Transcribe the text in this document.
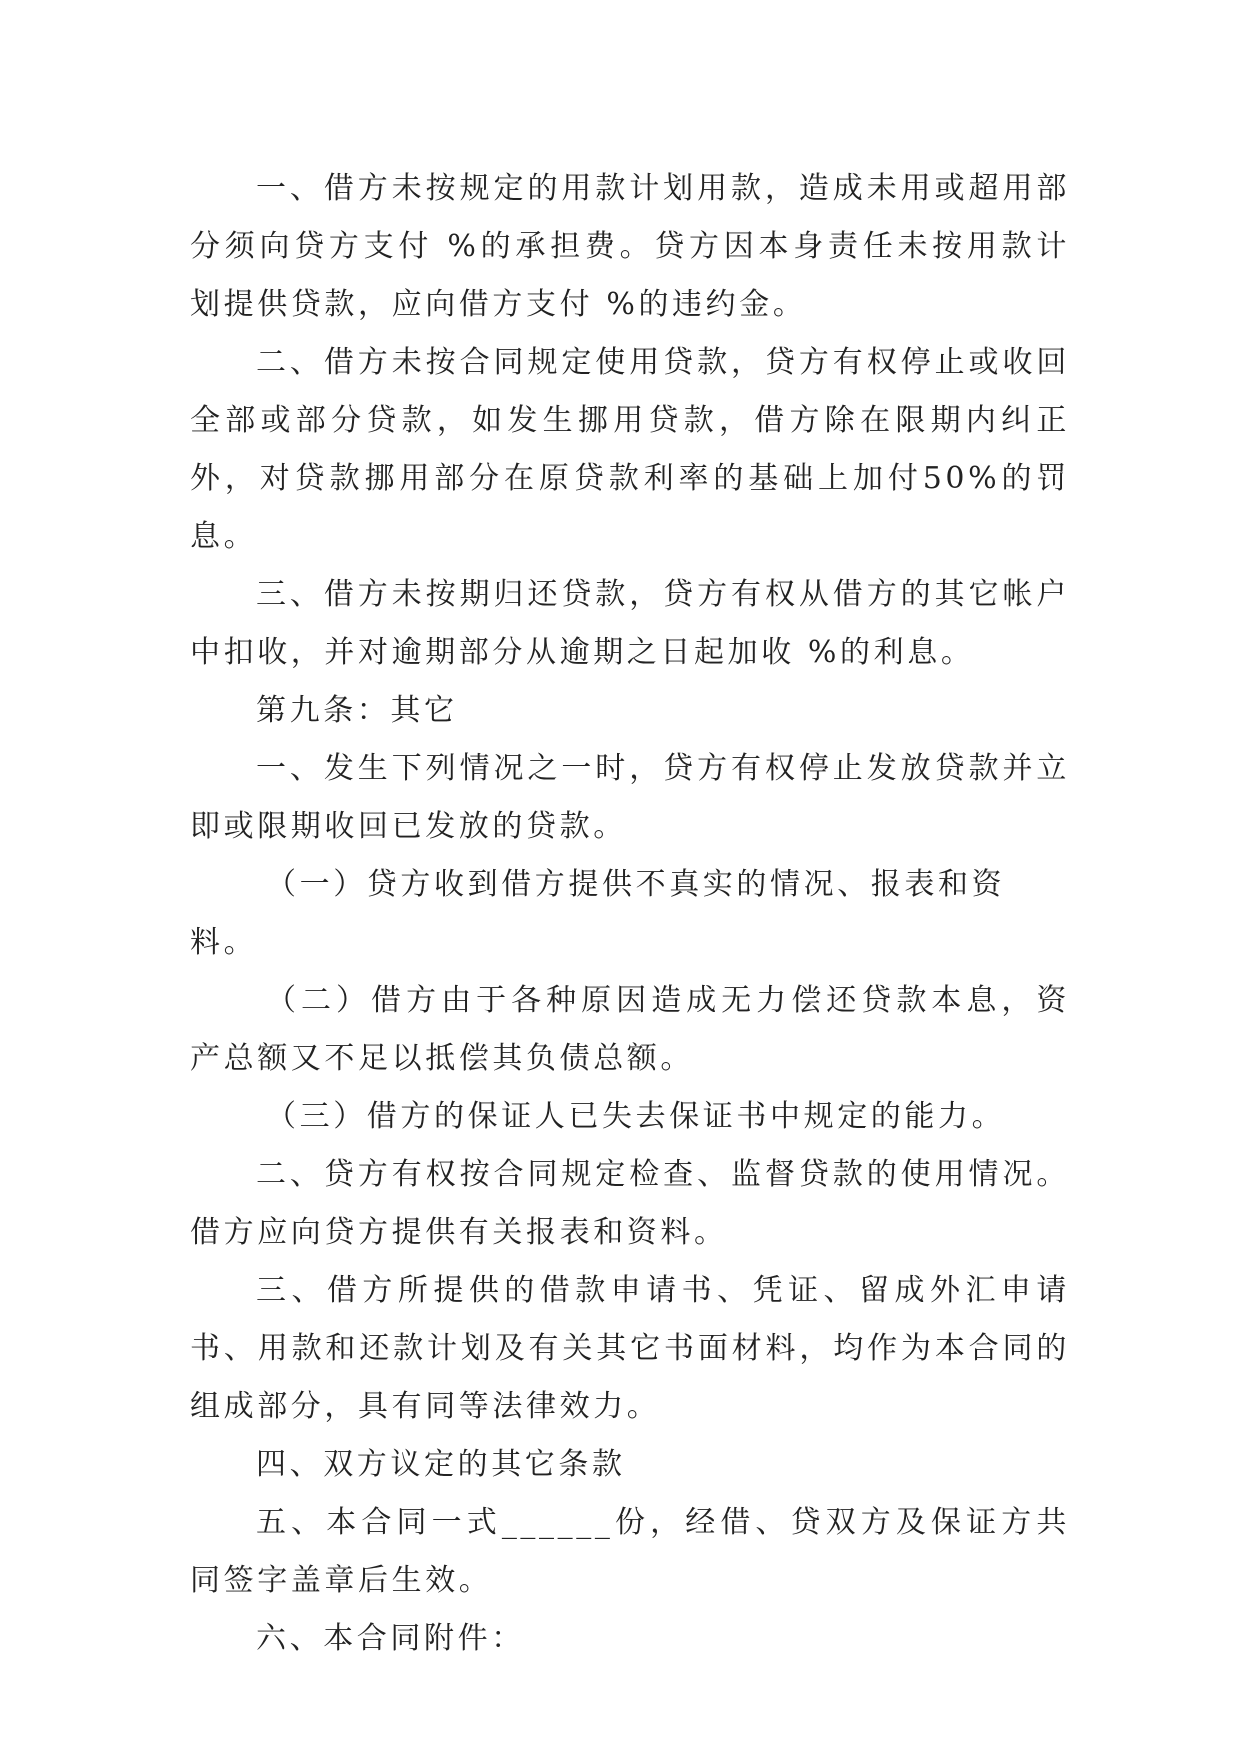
一、借方未按规定的用款计划用款，造成未用或超用部分须向贷方支付 %的承担费。贷方因本身责任未按用款计划提供贷款，应向借方支付 %的违约金。

二、借方未按合同规定使用贷款，贷方有权停止或收回全部或部分贷款，如发生挪用贷款，借方除在限期内纠正外，对贷款挪用部分在原贷款利率的基础上加付50%的罚息。

三、借方未按期归还贷款，贷方有权从借方的其它帐户中扣收，并对逾期部分从逾期之日起加收 %的利息。

第九条：其它

一、发生下列情况之一时，贷方有权停止发放贷款并立即或限期收回已发放的贷款。

（一）贷方收到借方提供不真实的情况、报表和资料。

（二）借方由于各种原因造成无力偿还贷款本息，资产总额又不足以抵偿其负债总额。

（三）借方的保证人已失去保证书中规定的能力。

二、贷方有权按合同规定检查、监督贷款的使用情况。借方应向贷方提供有关报表和资料。

三、借方所提供的借款申请书、凭证、留成外汇申请书、用款和还款计划及有关其它书面材料，均作为本合同的组成部分，具有同等法律效力。

四、双方议定的其它条款

五、本合同一式______份，经借、贷双方及保证方共同签字盖章后生效。

六、本合同附件：
